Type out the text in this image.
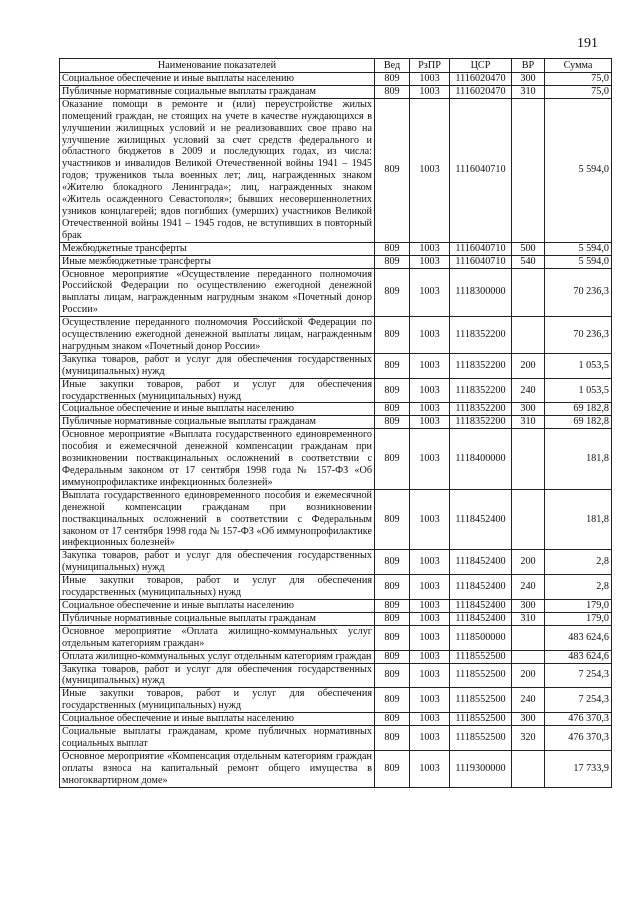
191
Наименование показателей	Вед	РзПР	ЦСР	ВР	Сумма
Социальное обеспечение и иные выплаты населению	809	1003	1116020470	300	75,0
Публичные нормативные социальные выплаты гражданам	809	1003	1116020470	310	75,0
Оказание помощи в ремонте и (или) переустройстве жилых помещений граждан, не стоящих на учете в качестве нуждающихся в улучшении жилищных условий и не реализовавших свое право на улучшение жилищных условий за счет средств федерального и областного бюджетов в 2009 и последующих годах, из числа: участников и инвалидов Великой Отечественной войны 1941 – 1945 годов; тружеников тыла военных лет; лиц, награжденных знаком «Жителю блокадного Ленинграда»; лиц, награжденных знаком «Житель осажденного Севастополя»; бывших несовершеннолетних узников концлагерей; вдов погибших (умерших) участников Великой Отечественной войны 1941 – 1945 годов, не вступивших в повторный брак	809	1003	1116040710		5 594,0
Межбюджетные трансферты	809	1003	1116040710	500	5 594,0
Иные межбюджетные трансферты	809	1003	1116040710	540	5 594,0
Основное мероприятие «Осуществление переданного полномочия Российской Федерации по осуществлению ежегодной денежной выплаты лицам, награжденным нагрудным знаком «Почетный донор России»	809	1003	1118300000		70 236,3
Осуществление переданного полномочия Российской Федерации по осуществлению ежегодной денежной выплаты лицам, награжденным нагрудным знаком «Почетный донор России»	809	1003	1118352200		70 236,3
Закупка товаров, работ и услуг для обеспечения государственных (муниципальных) нужд	809	1003	1118352200	200	1 053,5
Иные закупки товаров, работ и услуг для обеспечения государственных (муниципальных) нужд	809	1003	1118352200	240	1 053,5
Социальное обеспечение и иные выплаты населению	809	1003	1118352200	300	69 182,8
Публичные нормативные социальные выплаты гражданам	809	1003	1118352200	310	69 182,8
Основное мероприятие «Выплата государственного единовременного пособия и ежемесячной денежной компенсации гражданам при возникновении поствакцинальных осложнений в соответствии с Федеральным законом от 17 сентября 1998 года № 157-ФЗ «Об иммунопрофилактике инфекционных болезней»	809	1003	1118400000		181,8
Выплата государственного единовременного пособия и ежемесячной денежной компенсации гражданам при возникновении поствакцинальных осложнений в соответствии с Федеральным законом от 17 сентября 1998 года № 157-ФЗ «Об иммунопрофилактике инфекционных болезней»	809	1003	1118452400		181,8
Закупка товаров, работ и услуг для обеспечения государственных (муниципальных) нужд	809	1003	1118452400	200	2,8
Иные закупки товаров, работ и услуг для обеспечения государственных (муниципальных) нужд	809	1003	1118452400	240	2,8
Социальное обеспечение и иные выплаты населению	809	1003	1118452400	300	179,0
Публичные нормативные социальные выплаты гражданам	809	1003	1118452400	310	179,0
Основное мероприятие «Оплата жилищно-коммунальных услуг отдельным категориям граждан»	809	1003	1118500000		483 624,6
Оплата жилищно-коммунальных услуг отдельным категориям граждан	809	1003	1118552500		483 624,6
Закупка товаров, работ и услуг для обеспечения государственных (муниципальных) нужд	809	1003	1118552500	200	7 254,3
Иные закупки товаров, работ и услуг для обеспечения государственных (муниципальных) нужд	809	1003	1118552500	240	7 254,3
Социальное обеспечение и иные выплаты населению	809	1003	1118552500	300	476 370,3
Социальные выплаты гражданам, кроме публичных нормативных социальных выплат	809	1003	1118552500	320	476 370,3
Основное мероприятие «Компенсация отдельным категориям граждан оплаты взноса на капитальный ремонт общего имущества в многоквартирном доме»	809	1003	1119300000		17 733,9
